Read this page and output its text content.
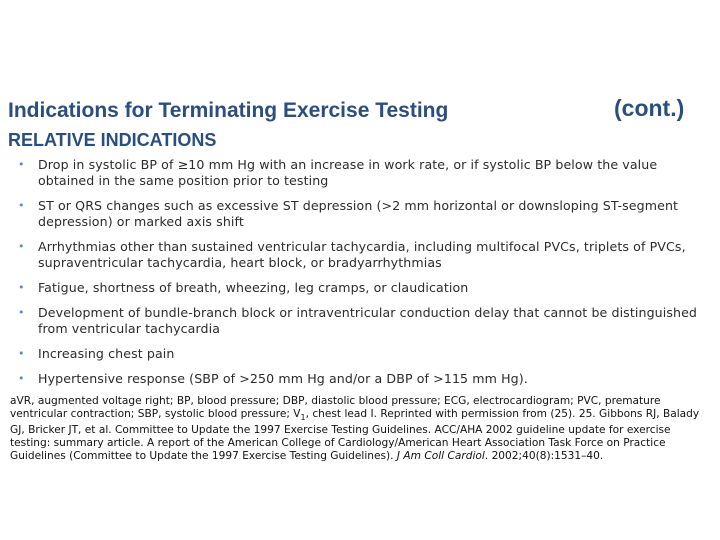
Indications for Terminating Exercise Testing	(cont.)
RELATIVE INDICATIONS
• Drop in systolic BP of ≥10 mm Hg with an increase in work rate, or if systolic BP below the value obtained in the same position prior to testing
• ST or QRS changes such as excessive ST depression (>2 mm horizontal or downsloping ST-segment depression) or marked axis shift
• Arrhythmias other than sustained ventricular tachycardia, including multifocal PVCs, triplets of PVCs, supraventricular tachycardia, heart block, or bradyarrhythmias
• Fatigue, shortness of breath, wheezing, leg cramps, or claudication
• Development of bundle-branch block or intraventricular conduction delay that cannot be distinguished from ventricular tachycardia
• Increasing chest pain
• Hypertensive response (SBP of >250 mm Hg and/or a DBP of >115 mm Hg).
aVR, augmented voltage right; BP, blood pressure; DBP, diastolic blood pressure; ECG, electrocardiogram; PVC, premature ventricular contraction; SBP, systolic blood pressure; $V_1$, chest lead I. Reprinted with permission from (25). 25. Gibbons RJ, Balady GJ, Bricker JT, et al. Committee to Update the 1997 Exercise Testing Guidelines. ACC/AHA 2002 guideline update for exercise testing: summary article. A report of the American College of Cardiology/American Heart Association Task Force on Practice Guidelines (Committee to Update the 1997 Exercise Testing Guidelines). J Am Coll Cardiol. 2002;40(8):1531–40.
